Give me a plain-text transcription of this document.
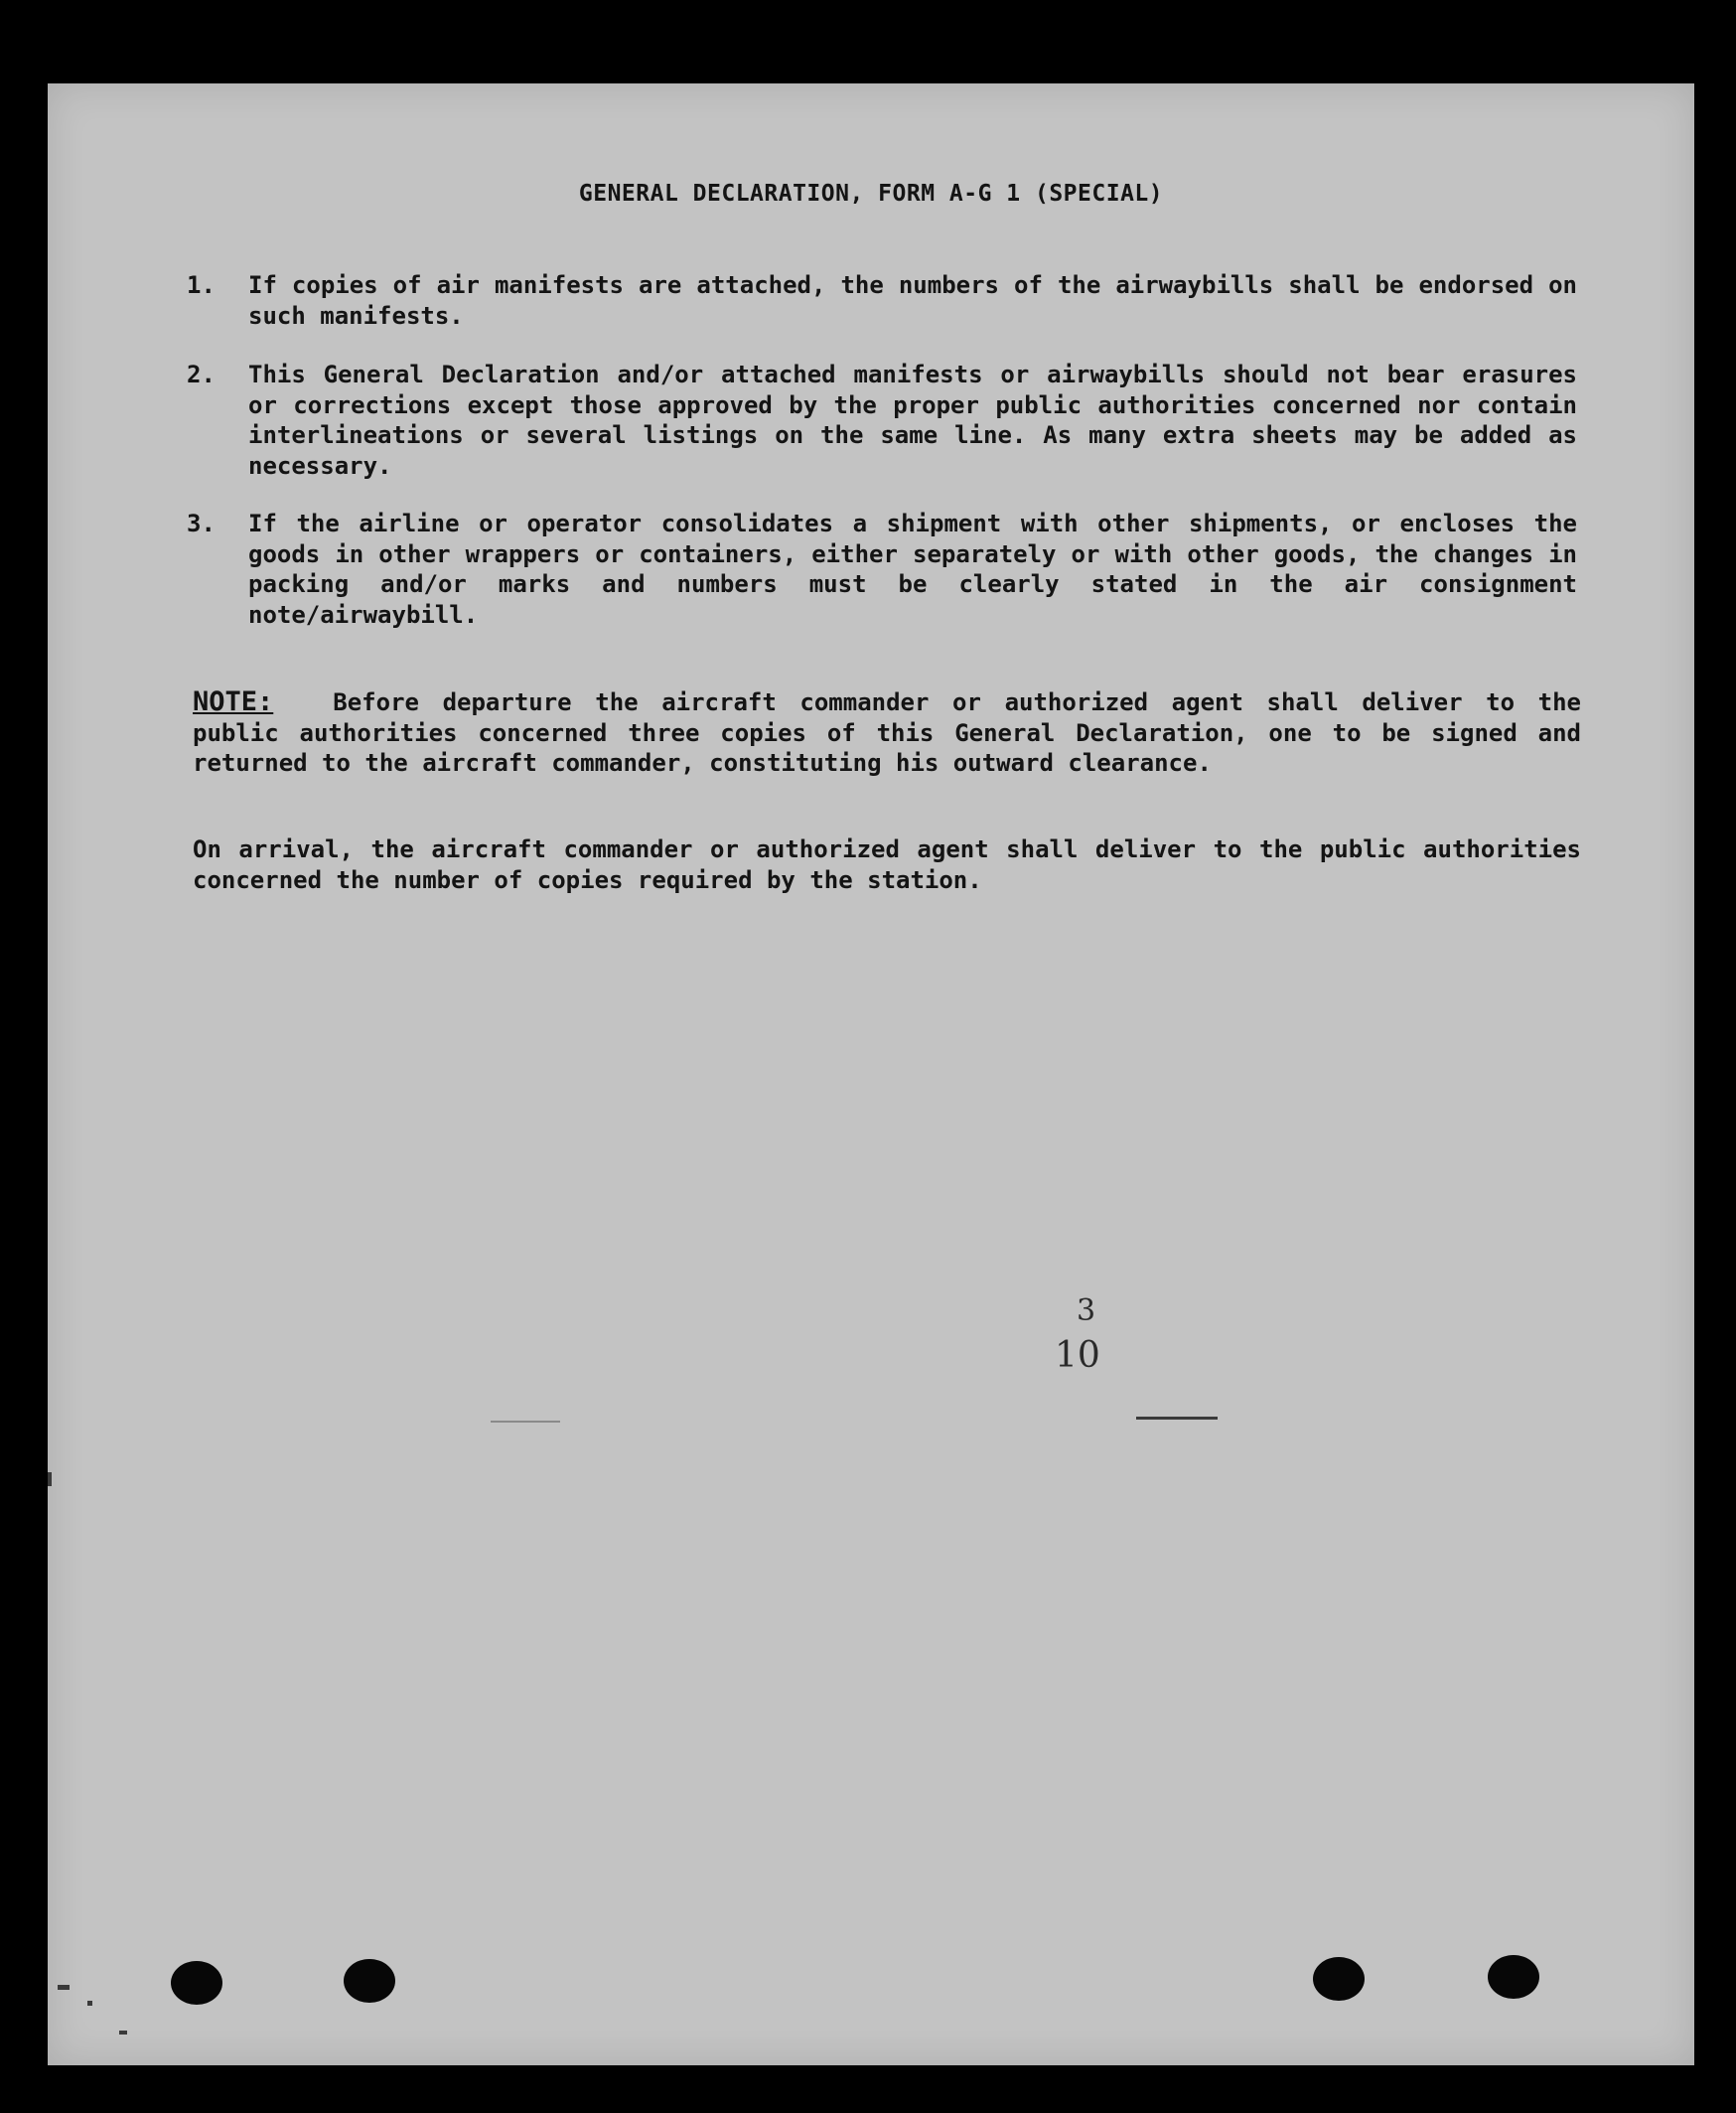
GENERAL DECLARATION, FORM A-G 1 (SPECIAL)
1.	If copies of air manifests are attached, the numbers of the airwaybills shall be endorsed on such manifests.
2.	This General Declaration and/or attached manifests or airwaybills should not bear erasures or corrections except those approved by the proper public authorities concerned nor contain interlineations or several listings on the same line. As many extra sheets may be added as necessary.
3.	If the airline or operator consolidates a shipment with other shipments, or encloses the goods in other wrappers or containers, either separately or with other goods, the changes in packing and/or marks and numbers must be clearly stated in the air consignment note/airwaybill.
NOTE:	Before departure the aircraft commander or authorized agent shall deliver to the public authorities concerned three copies of this General Declaration, one to be signed and returned to the aircraft commander, constituting his outward clearance.
On arrival, the aircraft commander or authorized agent shall deliver to the public authorities concerned the number of copies required by the station.
3
10
